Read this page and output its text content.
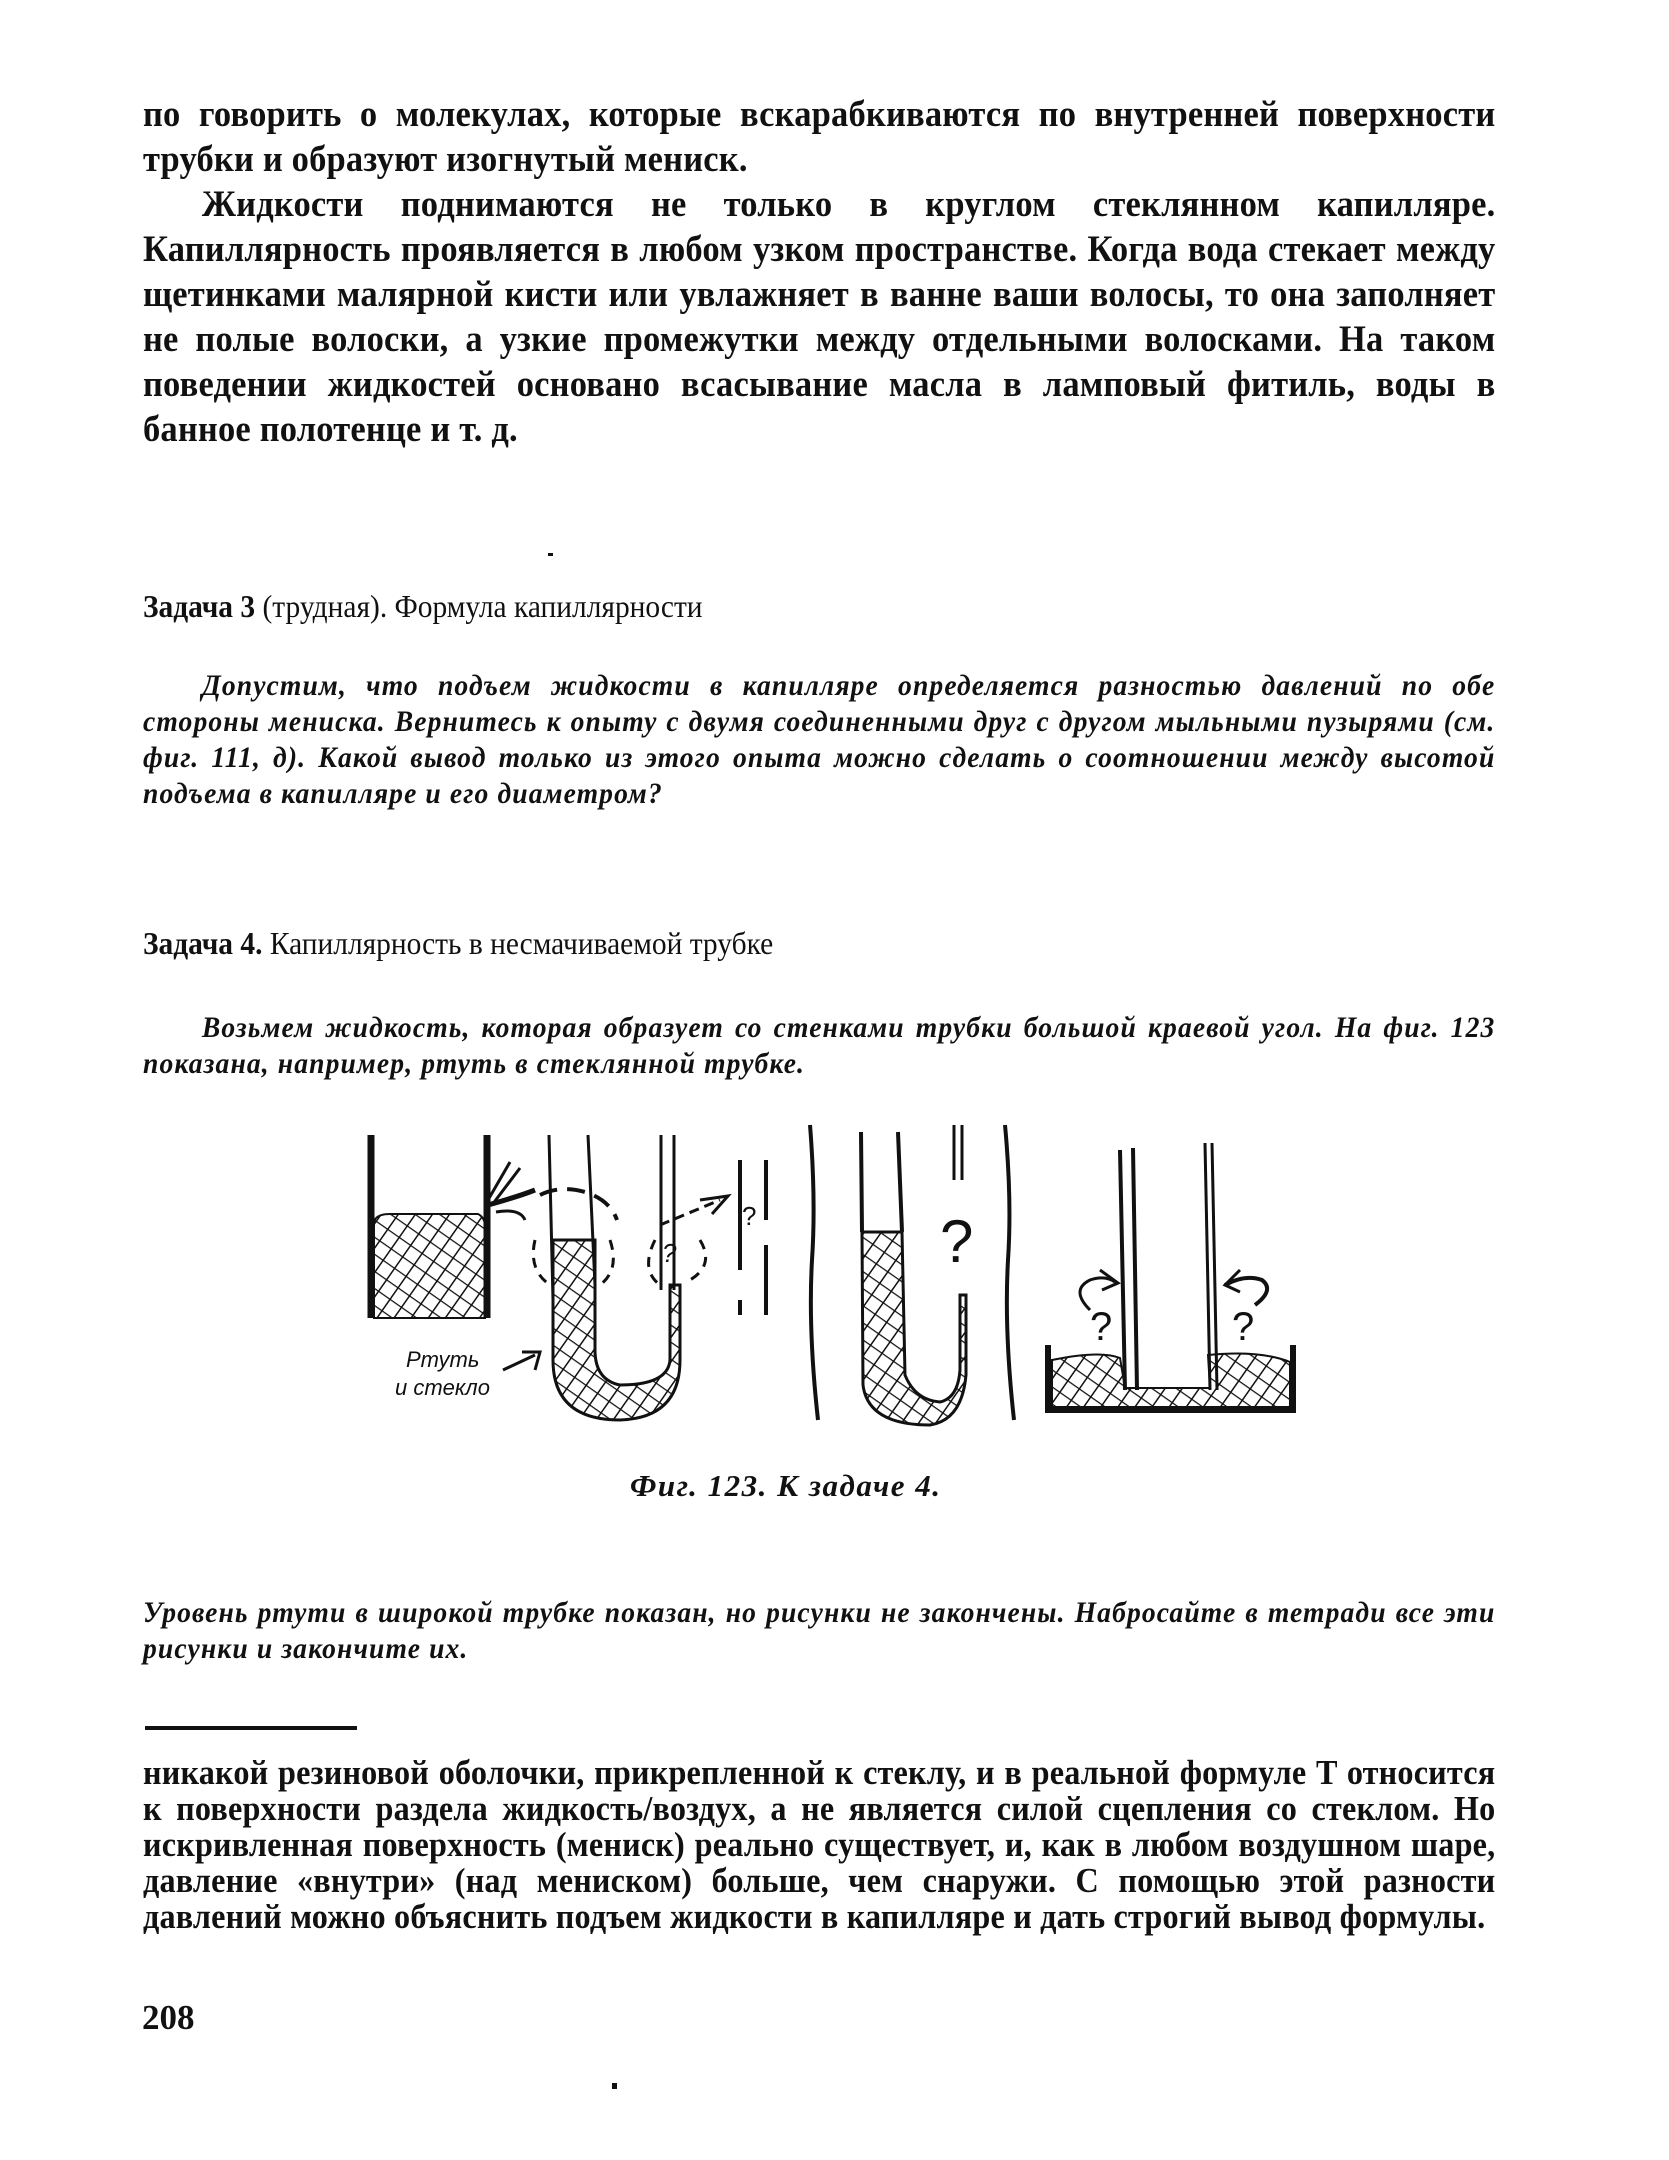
по говорить о молекулах, которые вскарабкиваются по внутренней поверхности трубки и образуют изогнутый мениск.

Жидкости поднимаются не только в круглом стеклянном капилляре. Капиллярность проявляется в любом узком пространстве. Когда вода стекает между щетинками малярной кисти или увлажняет в ванне ваши волосы, то она заполняет не полые волоски, а узкие промежутки между отдельными волосками. На таком поведении жидкостей основано всасывание масла в ламповый фитиль, воды в банное полотенце и т. д.

Задача 3 (трудная). Формула капиллярности

Допустим, что подъем жидкости в капилляре определяется разностью давлений по обе стороны мениска. Вернитесь к опыту с двумя соединенными друг с другом мыльными пузырями (см. фиг. 111, д). Какой вывод только из этого опыта можно сделать о соотношении между высотой подъема в капилляре и его диаметром?

Задача 4. Капиллярность в несмачиваемой трубке

Возьмем жидкость, которая образует со стенками трубки большой краевой угол. На фиг. 123 показана, например, ртуть в стеклянной трубке.

?
?
Ртуть
и стекло
?
?	?
Фиг. 123. К задаче 4.

Уровень ртути в широкой трубке показан, но рисунки не закончены. Набросайте в тетради все эти рисунки и закончите их.

никакой резиновой оболочки, прикрепленной к стеклу, и в реальной формуле T относится к поверхности раздела жидкость/воздух, а не является силой сцепления со стеклом. Но искривленная поверхность (мениск) реально существует, и, как в любом воздушном шаре, давление «внутри» (над мениском) больше, чем снаружи. С помощью этой разности давлений можно объяснить подъем жидкости в капилляре и дать строгий вывод формулы.

208
